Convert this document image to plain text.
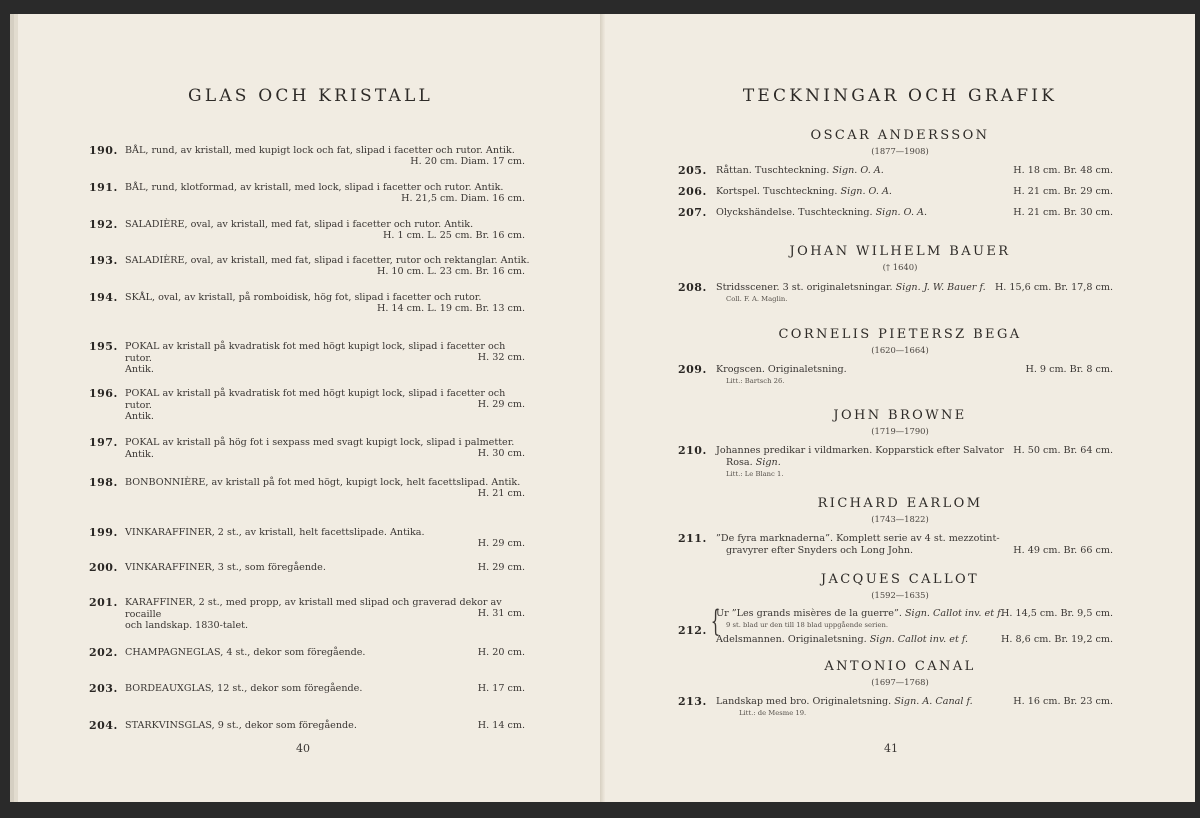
GLAS OCH KRISTALL
190. BÅL, rund, av kristall, med kupigt lock och fat, slipad i facetter och rutor. Antik.
H. 20 cm. Diam. 17 cm.
191. BÅL, rund, klotformad, av kristall, med lock, slipad i facetter och rutor. Antik.
H. 21,5 cm. Diam. 16 cm.
192. SALADIÈRE, oval, av kristall, med fat, slipad i facetter och rutor. Antik.
H. 1 cm. L. 25 cm. Br. 16 cm.
193. SALADIÈRE, oval, av kristall, med fat, slipad i facetter, rutor och rektanglar. Antik.
H. 10 cm. L. 23 cm. Br. 16 cm.
194. SKÅL, oval, av kristall, på romboidisk, hög fot, slipad i facetter och rutor.
H. 14 cm. L. 19 cm. Br. 13 cm.
195. POKAL av kristall på kvadratisk fot med högt kupigt lock, slipad i facetter och rutor.
Antik.
H. 32 cm.
196. POKAL av kristall på kvadratisk fot med högt kupigt lock, slipad i facetter och rutor.
Antik.
H. 29 cm.
197. POKAL av kristall på hög fot i sexpass med svagt kupigt lock, slipad i palmetter. Antik.	H. 30 cm.
198. BONBONNIÈRE, av kristall på fot med högt, kupigt lock, helt facettslipad. Antik.
H. 21 cm.
199. VINKARAFFINER, 2 st., av kristall, helt facettslipade. Antika.
H. 29 cm.
200. VINKARAFFINER, 3 st., som föregående.	H. 29 cm.
201. KARAFFINER, 2 st., med propp, av kristall med slipad och graverad dekor av rocaille
och landskap. 1830-talet.
H. 31 cm.
202. CHAMPAGNEGLAS, 4 st., dekor som föregående.	H. 20 cm.
203. BORDEAUXGLAS, 12 st., dekor som föregående.	H. 17 cm.
204. STARKVINSGLAS, 9 st., dekor som föregående.	H. 14 cm.
40
TECKNINGAR OCH GRAFIK
OSCAR ANDERSSON
(1877—1908)
205. Råttan. Tuschteckning. Sign. O. A.	H. 18 cm. Br. 48 cm.
206. Kortspel. Tuschteckning. Sign. O. A.	H. 21 cm. Br. 29 cm.
207. Olyckshändelse. Tuschteckning. Sign. O. A.	H. 21 cm. Br. 30 cm.
JOHAN WILHELM BAUER
(† 1640)
208. Stridsscener. 3 st. originaletsningar. Sign. J. W. Bauer f. H. 15,6 cm. Br. 17,8 cm.
Coll. F. A. Maglin.
CORNELIS PIETERSZ BEGA
(1620—1664)
209. Krogscen. Originaletsning.	H. 9 cm. Br. 8 cm.
Litt.: Bartsch 26.
JOHN BROWNE
(1719—1790)
210. Johannes predikar i vildmarken. Kopparstick efter Salvator
Rosa. Sign.
H. 50 cm. Br. 64 cm.
Litt.: Le Blanc 1.
RICHARD EARLOM
(1743—1822)
211. ”De fyra marknaderna”. Komplett serie av 4 st. mezzotint-
gravyrer efter Snyders och Long John.	H. 49 cm. Br. 66 cm.
JACQUES CALLOT
(1592—1635)
212. {
Ur ”Les grands misères de la guerre”. Sign. Callot inv. et f.
H. 14,5 cm. Br. 9,5 cm.
9 st. blad ur den till 18 blad uppgående serien.
Adelsmannen. Originaletsning. Sign. Callot inv. et f.	H. 8,6 cm. Br. 19,2 cm.
ANTONIO CANAL
(1697—1768)
213. Landskap med bro. Originaletsning. Sign. A. Canal f.	H. 16 cm. Br. 23 cm.
Litt.: de Mesme 19.
41
